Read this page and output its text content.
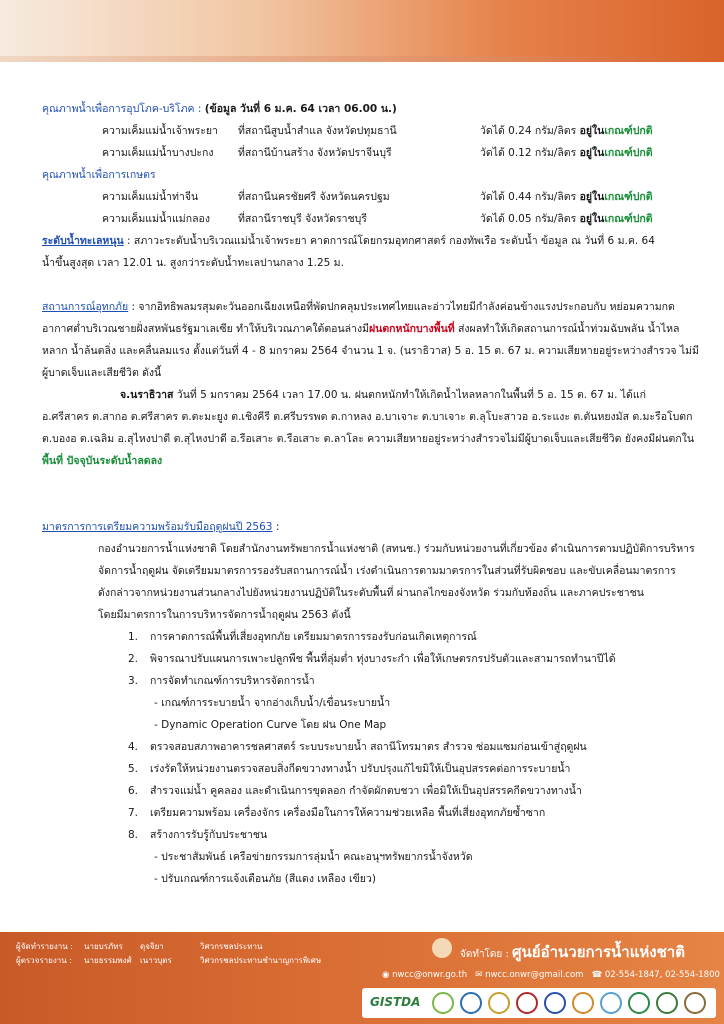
คุณภาพน้ำเพื่อการอุปโภค-บริโภค : (ข้อมูล วันที่ 6 ม.ค. 64 เวลา 06.00 น.)
ความเค็มแม่น้ำเจ้าพระยา ที่สถานีสูบน้ำสำแล จังหวัดปทุมธานี	วัดได้ 0.24 กรัม/ลิตร อยู่ในเกณฑ์ปกติ
ความเค็มแม่น้ำบางปะกง ที่สถานีบ้านสร้าง จังหวัดปราจีนบุรี	วัดได้ 0.12 กรัม/ลิตร อยู่ในเกณฑ์ปกติ
คุณภาพน้ำเพื่อการเกษตร
ความเค็มแม่น้ำท่าจีน	ที่สถานีนครชัยศรี จังหวัดนครปฐม	วัดได้ 0.44 กรัม/ลิตร อยู่ในเกณฑ์ปกติ
ความเค็มแม่น้ำแม่กลอง	ที่สถานีราชบุรี จังหวัดราชบุรี	วัดได้ 0.05 กรัม/ลิตร อยู่ในเกณฑ์ปกติ
ระดับน้ำทะเลหนุน : สภาวะระดับน้ำบริเวณแม่น้ำเจ้าพระยา คาดการณ์โดยกรมอุทกศาสตร์ กองทัพเรือ ระดับน้ำ ข้อมูล ณ วันที่ 6 ม.ค. 64
น้ำขึ้นสูงสุด เวลา 12.01 น. สูงกว่าระดับน้ำทะเลปานกลาง 1.25 ม.
สถานการณ์อุทกภัย : จากอิทธิพลมรสุมตะวันออกเฉียงเหนือที่พัดปกคลุมประเทศไทยและอ่าวไทยมีกำลังค่อนข้างแรงประกอบกับ หย่อมความกด
อากาศต่ำบริเวณชายฝั่งสหพันธรัฐมาเลเซีย ทำให้บริเวณภาคใต้ตอนล่างมีฝนตกหนักบางพื้นที่ ส่งผลทำให้เกิดสถานการณ์น้ำท่วมฉับพลัน น้ำไหล
หลาก น้ำล้นตลิ่ง และคลื่นลมแรง ตั้งแต่วันที่ 4 - 8 มกราคม 2564 จำนวน 1 จ. (นราธิวาส) 5 อ. 15 ต. 67 ม. ความเสียหายอยู่ระหว่างสำรวจ ไม่มี
ผู้บาดเจ็บและเสียชีวิต ดังนี้
จ.นราธิวาส วันที่ 5 มกราคม 2564 เวลา 17.00 น. ฝนตกหนักทำให้เกิดน้ำไหลหลากในพื้นที่ 5 อ. 15 ต. 67 ม. ได้แก่
อ.ศรีสาคร ต.สากอ ต.ศรีสาคร ต.ตะมะยูง ต.เชิงคีรี ต.ศรีบรรพต ต.กาหลง อ.บาเจาะ ต.บาเจาะ ต.ลุโบะสาวอ อ.ระแงะ ต.ตันหยงมัส ต.มะรือโบตก
ต.บองอ ต.เฉลิม อ.สุไหงปาดี ต.สุไหงปาดี อ.รือเสาะ ต.รือเสาะ ต.ลาโละ ความเสียหายอยู่ระหว่างสำรวจไม่มีผู้บาดเจ็บและเสียชีวิต ยังคงมีฝนตกใน
พื้นที่ ปัจจุบันระดับน้ำลดลง
มาตรการการเตรียมความพร้อมรับมือฤดูฝนปี 2563 :
กองอำนวยการน้ำแห่งชาติ โดยสำนักงานทรัพยากรน้ำแห่งชาติ (สทนช.) ร่วมกับหน่วยงานที่เกี่ยวข้อง ดำเนินการตามปฏิบัติการบริหาร
จัดการน้ำฤดูฝน จัดเตรียมมาตรการรองรับสถานการณ์น้ำ เร่งดำเนินการตามมาตรการในส่วนที่รับผิดชอบ และขับเคลื่อนมาตรการ
ดังกล่าวจากหน่วยงานส่วนกลางไปยังหน่วยงานปฏิบัติในระดับพื้นที่ ผ่านกลไกของจังหวัด ร่วมกับท้องถิ่น และภาคประชาชน
โดยมีมาตรการในการบริหารจัดการน้ำฤดูฝน 2563 ดังนี้
1. การคาดการณ์พื้นที่เสี่ยงอุทกภัย เตรียมมาตรการรองรับก่อนเกิดเหตุการณ์
2. พิจารณาปรับแผนการเพาะปลูกพืช พื้นที่ลุ่มต่ำ ทุ่งบางระกำ เพื่อให้เกษตรกรปรับตัวและสามารถทำนาปีได้
3. การจัดทำเกณฑ์การบริหารจัดการน้ำ
- เกณฑ์การระบายน้ำ จากอ่างเก็บน้ำ/เขื่อนระบายน้ำ
- Dynamic Operation Curve โดย ฝน One Map
4. ตรวจสอบสภาพอาคารชลศาสตร์ ระบบระบายน้ำ สถานีโทรมาตร สำรวจ ซ่อมแซมก่อนเข้าสู่ฤดูฝน
5. เร่งรัดให้หน่วยงานตรวจสอบสิ่งกีดขวางทางน้ำ ปรับปรุงแก้ไขมิให้เป็นอุปสรรคต่อการระบายน้ำ
6. สำรวจแม่น้ำ คูคลอง และดำเนินการขุดลอก กำจัดผักตบชวา เพื่อมิให้เป็นอุปสรรคกีดขวางทางน้ำ
7. เตรียมความพร้อม เครื่องจักร เครื่องมือในการให้ความช่วยเหลือ พื้นที่เสี่ยงอุทกภัยซ้ำซาก
8. สร้างการรับรู้กับประชาชน
- ประชาสัมพันธ์ เครือข่ายกรรมการลุ่มน้ำ คณะอนุฯทรัพยากรน้ำจังหวัด
- ปรับเกณฑ์การแจ้งเตือนภัย (สีแดง เหลือง เขียว)
ผู้จัดทำรายงาน : นายบรภัทร ดุจจิยา	วิศวกรชลประทาน
ผู้ตรวจรายงาน : นายธรรมพงศ์ เนาวบุตร	วิศวกรชลประทานชำนาญการพิเศษ
จัดทำโดย : ศูนย์อำนวยการน้ำแห่งชาติ
◉ nwcc@onwr.go.th ✉ nwcc.onwr@gmail.com ☎ 02-554-1847, 02-554-1800
GISTDA
